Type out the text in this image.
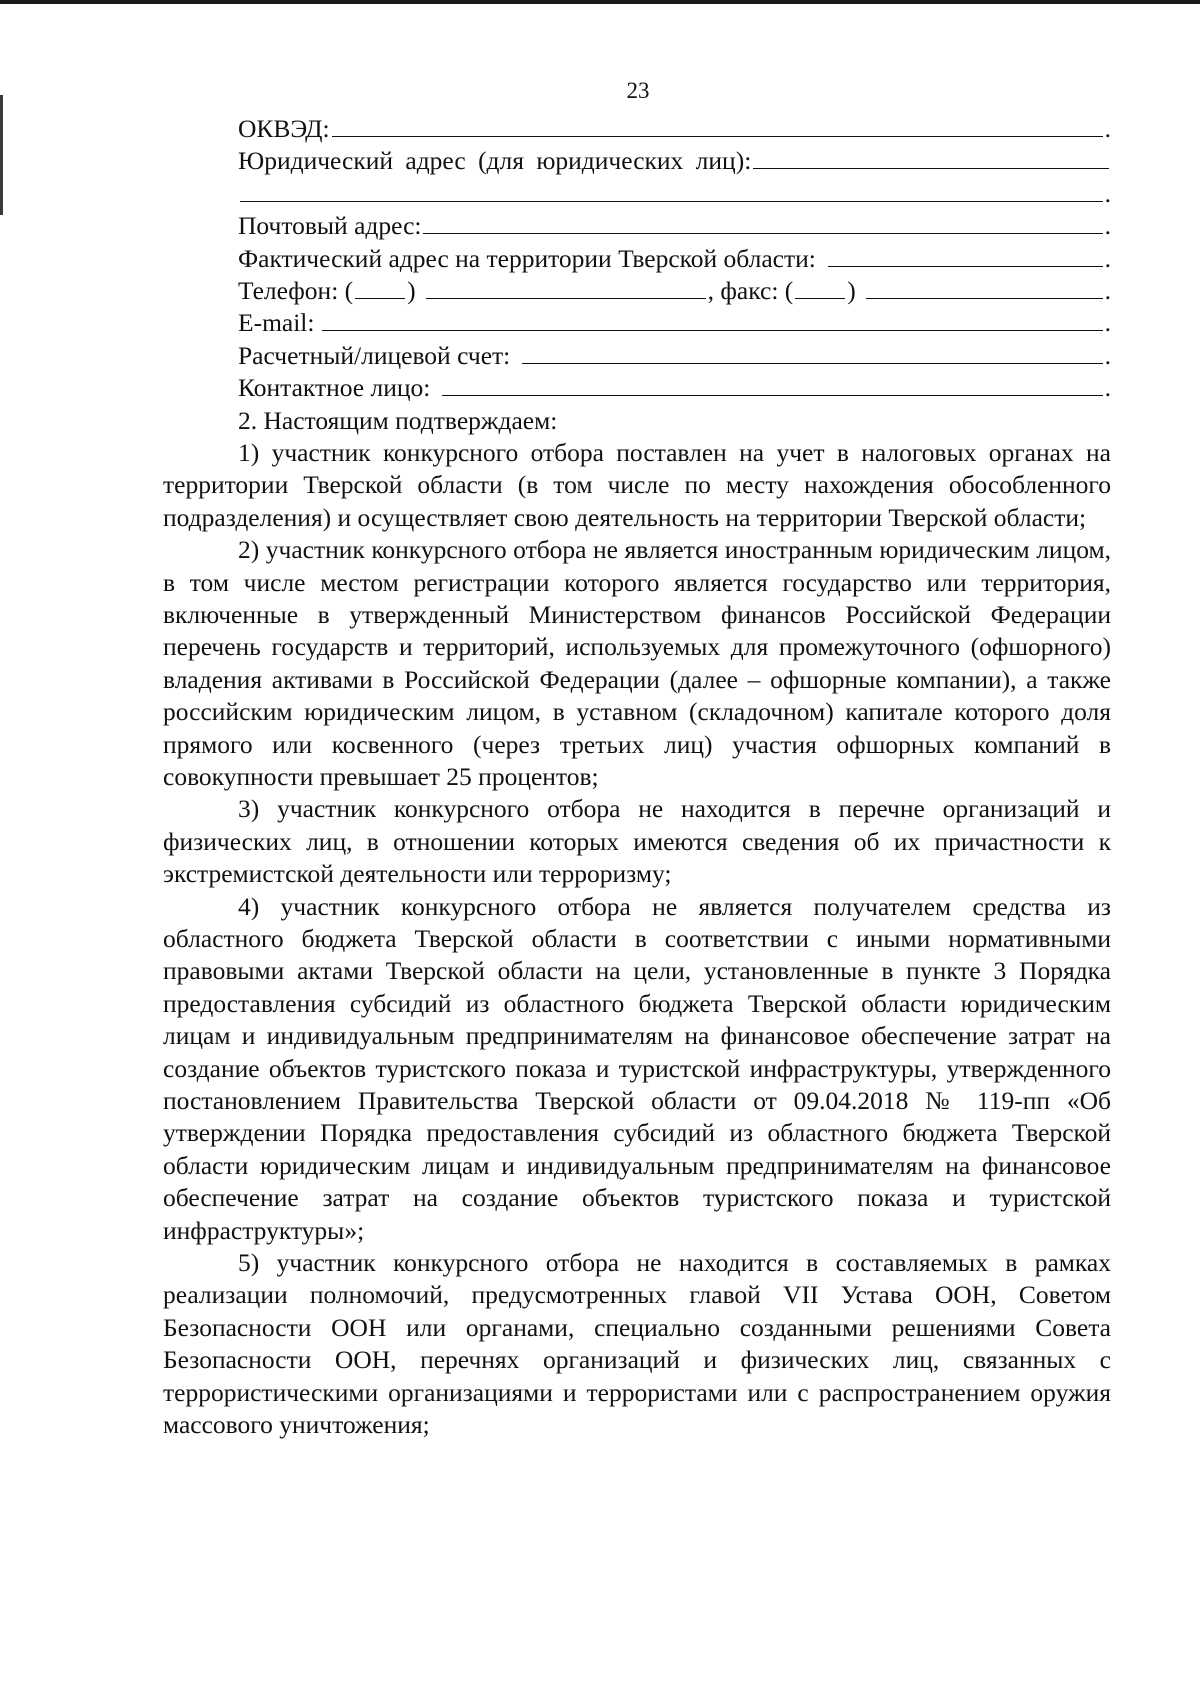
23
ОКВЭД:	.
Юридический адрес (для юридических лиц):
.
Почтовый адрес:	.
Фактический адрес на территории Тверской области:	.
Телефон: ( )	, факс: ( )	.
E-mail:	.
Расчетный/лицевой счет:	.
Контактное лицо:	.

2. Настоящим подтверждаем:

1) участник конкурсного отбора поставлен на учет в налоговых органах на территории Тверской области (в том числе по месту нахождения обособленного подразделения) и осуществляет свою деятельность на территории Тверской области;

2) участник конкурсного отбора не является иностранным юридическим лицом, в том числе местом регистрации которого является государство или территория, включенные в утвержденный Министерством финансов Российской Федерации перечень государств и территорий, используемых для промежуточного (офшорного) владения активами в Российской Федерации (далее – офшорные компании), а также российским юридическим лицом, в уставном (складочном) капитале которого доля прямого или косвенного (через третьих лиц) участия офшорных компаний в совокупности превышает 25 процентов;

3) участник конкурсного отбора не находится в перечне организаций и физических лиц, в отношении которых имеются сведения об их причастности к экстремистской деятельности или терроризму;

4) участник конкурсного отбора не является получателем средства из областного бюджета Тверской области в соответствии с иными нормативными правовыми актами Тверской области на цели, установленные в пункте 3 Порядка предоставления субсидий из областного бюджета Тверской области юридическим лицам и индивидуальным предпринимателям на финансовое обеспечение затрат на создание объектов туристского показа и туристской инфраструктуры, утвержденного постановлением Правительства Тверской области от 09.04.2018 № 119-пп «Об утверждении Порядка предоставления субсидий из областного бюджета Тверской области юридическим лицам и индивидуальным предпринимателям на финансовое обеспечение затрат на создание объектов туристского показа и туристской инфраструктуры»;

5) участник конкурсного отбора не находится в составляемых в рамках реализации полномочий, предусмотренных главой VII Устава ООН, Советом Безопасности ООН или органами, специально созданными решениями Совета Безопасности ООН, перечнях организаций и физических лиц, связанных с террористическими организациями и террористами или с распространением оружия массового уничтожения;
